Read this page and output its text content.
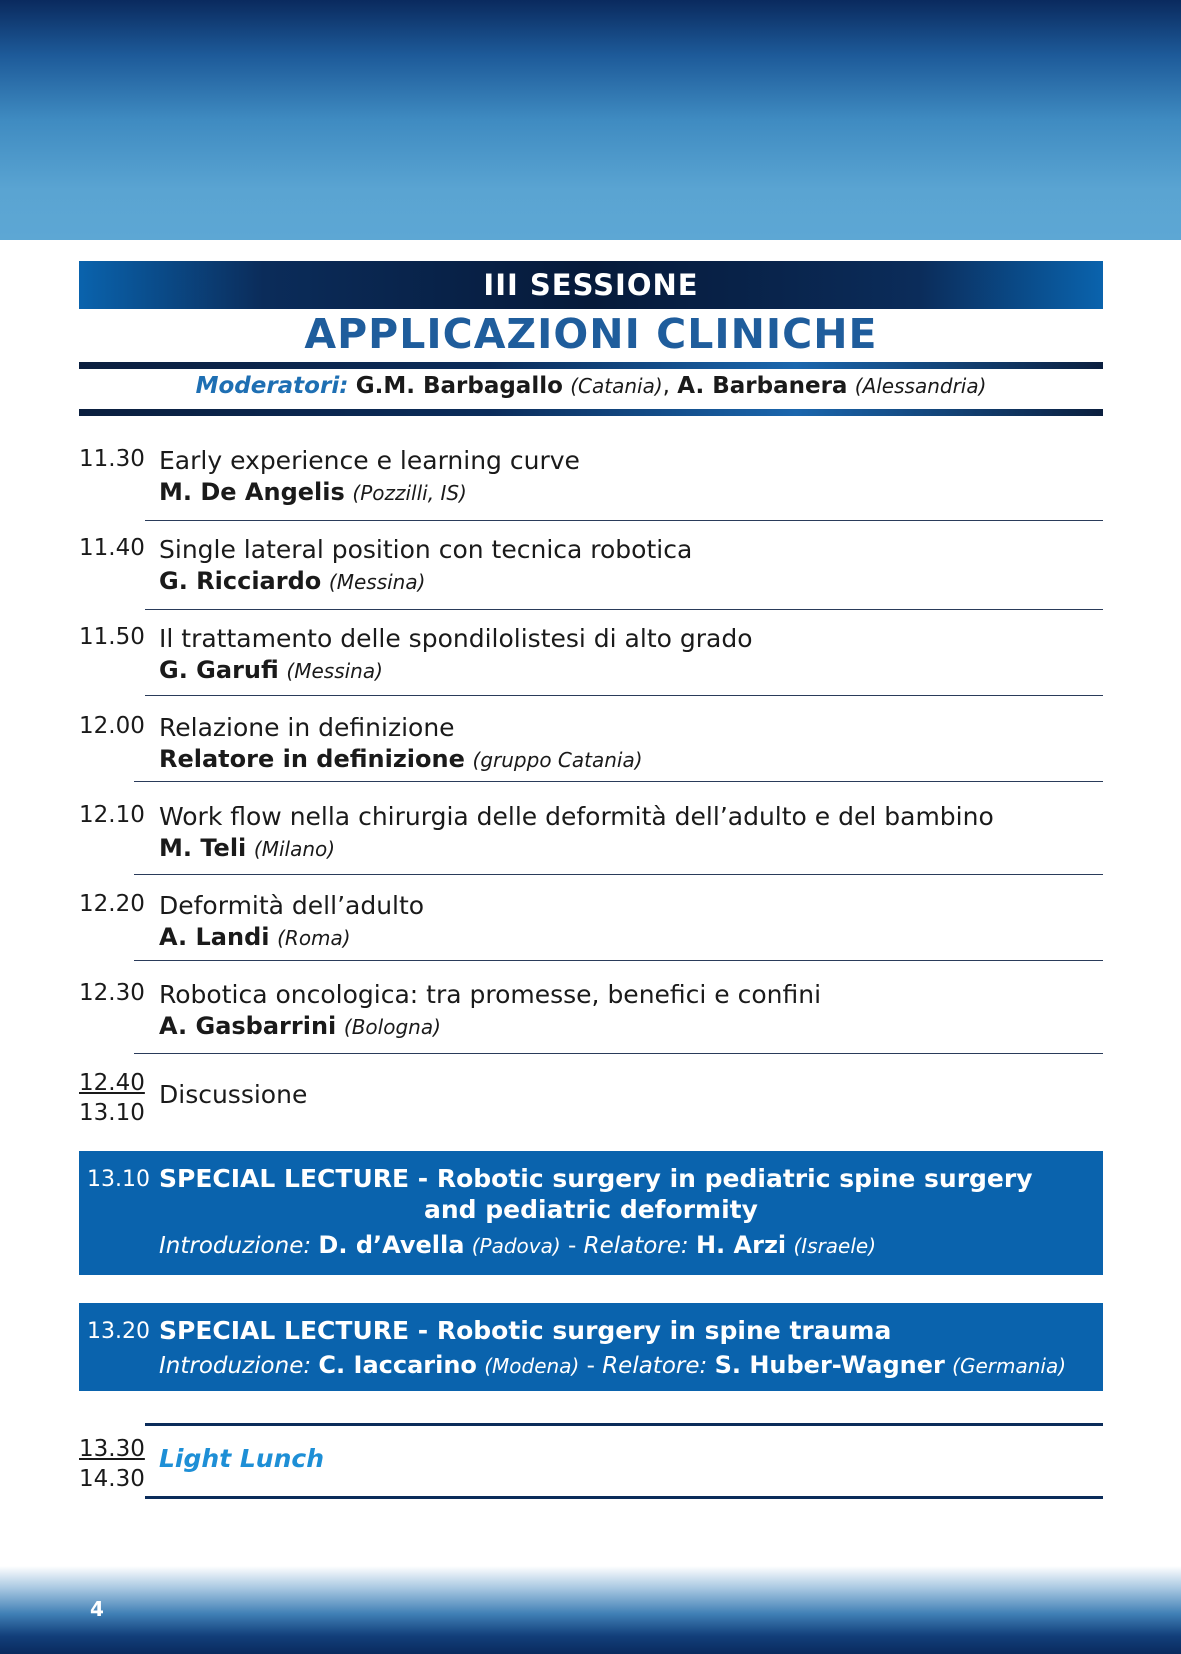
III SESSIONE
APPLICAZIONI CLINICHE
Moderatori: G.M. Barbagallo (Catania), A. Barbanera (Alessandria)
11.30 Early experience e learning curve
M. De Angelis (Pozzilli, IS)
11.40 Single lateral position con tecnica robotica
G. Ricciardo (Messina)
11.50 Il trattamento delle spondilolistesi di alto grado
G. Garufi (Messina)
12.00 Relazione in definizione
Relatore in definizione (gruppo Catania)
12.10 Work flow nella chirurgia delle deformità dell’adulto e del bambino
M. Teli (Milano)
12.20 Deformità dell’adulto
A. Landi (Roma)
12.30 Robotica oncologica: tra promesse, benefici e confini
A. Gasbarrini (Bologna)
12.40
13.10
Discussione
13.10 SPECIAL LECTURE - Robotic surgery in pediatric spine surgery
and pediatric deformity
Introduzione: D. d’Avella (Padova) - Relatore: H. Arzi (Israele)
13.20 SPECIAL LECTURE - Robotic surgery in spine trauma
Introduzione: C. Iaccarino (Modena) - Relatore: S. Huber-Wagner (Germania)
13.30
14.30
Light Lunch
4
